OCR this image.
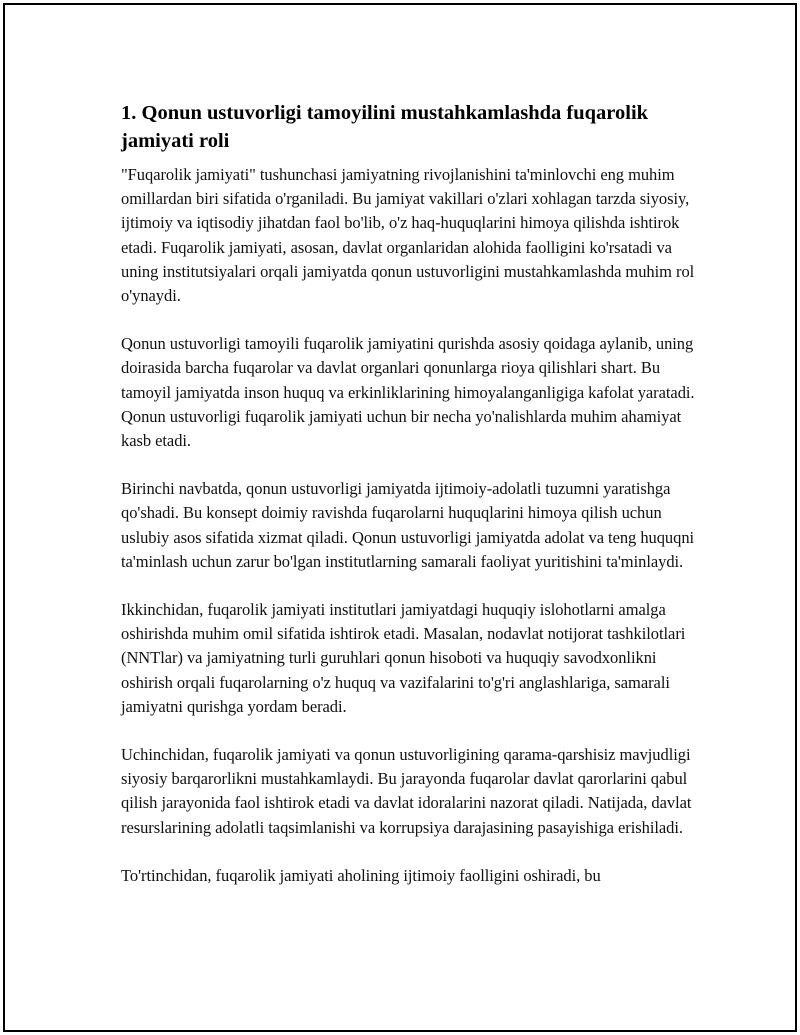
1. Qonun ustuvorligi tamoyilini mustahkamlashda fuqarolik jamiyati roli

"Fuqarolik jamiyati" tushunchasi jamiyatning rivojlanishini ta'minlovchi eng muhim omillardan biri sifatida o'rganiladi. Bu jamiyat vakillari o'zlari xohlagan tarzda siyosiy, ijtimoiy va iqtisodiy jihatdan faol bo'lib, o'z haq-huquqlarini himoya qilishda ishtirok etadi. Fuqarolik jamiyati, asosan, davlat organlaridan alohida faolligini ko'rsatadi va uning institutsiyalari orqali jamiyatda qonun ustuvorligini mustahkamlashda muhim rol o'ynaydi.

Qonun ustuvorligi tamoyili fuqarolik jamiyatini qurishda asosiy qoidaga aylanib, uning doirasida barcha fuqarolar va davlat organlari qonunlarga rioya qilishlari shart. Bu tamoyil jamiyatda inson huquq va erkinliklarining himoyalanganligiga kafolat yaratadi. Qonun ustuvorligi fuqarolik jamiyati uchun bir necha yo'nalishlarda muhim ahamiyat kasb etadi.

Birinchi navbatda, qonun ustuvorligi jamiyatda ijtimoiy-adolatli tuzumni yaratishga qo'shadi. Bu konsept doimiy ravishda fuqarolarni huquqlarini himoya qilish uchun uslubiy asos sifatida xizmat qiladi. Qonun ustuvorligi jamiyatda adolat va teng huquqni ta'minlash uchun zarur bo'lgan institutlarning samarali faoliyat yuritishini ta'minlaydi.

Ikkinchidan, fuqarolik jamiyati institutlari jamiyatdagi huquqiy islohotlarni amalga oshirishda muhim omil sifatida ishtirok etadi. Masalan, nodavlat notijorat tashkilotlari (NNTlar) va jamiyatning turli guruhlari qonun hisoboti va huquqiy savodxonlikni oshirish orqali fuqarolarning o'z huquq va vazifalarini to'g'ri anglashlariga, samarali jamiyatni qurishga yordam beradi.

Uchinchidan, fuqarolik jamiyati va qonun ustuvorligining qarama-qarshisiz mavjudligi siyosiy barqarorlikni mustahkamlaydi. Bu jarayonda fuqarolar davlat qarorlarini qabul qilish jarayonida faol ishtirok etadi va davlat idoralarini nazorat qiladi. Natijada, davlat resurslarining adolatli taqsimlanishi va korrupsiya darajasining pasayishiga erishiladi.

To'rtinchidan, fuqarolik jamiyati aholining ijtimoiy faolligini oshiradi, bu
